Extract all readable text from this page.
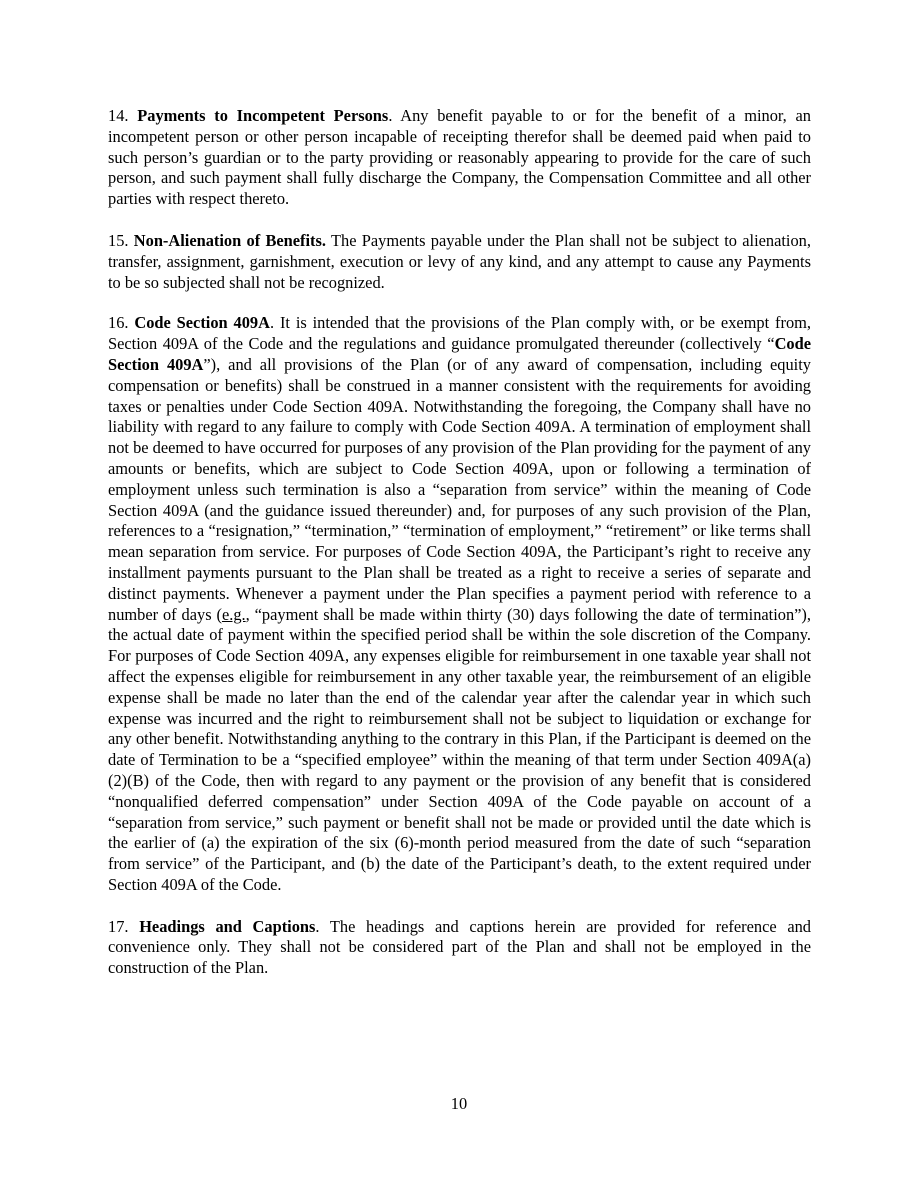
14. Payments to Incompetent Persons. Any benefit payable to or for the benefit of a minor, an incompetent person or other person incapable of receipting therefor shall be deemed paid when paid to such person’s guardian or to the party providing or reasonably appearing to provide for the care of such person, and such payment shall fully discharge the Company, the Compensation Committee and all other parties with respect thereto.

15. Non-Alienation of Benefits. The Payments payable under the Plan shall not be subject to alienation, transfer, assignment, garnishment, execution or levy of any kind, and any attempt to cause any Payments to be so subjected shall not be recognized.

16. Code Section 409A. It is intended that the provisions of the Plan comply with, or be exempt from, Section 409A of the Code and the regulations and guidance promulgated thereunder (collectively “Code Section 409A”), and all provisions of the Plan (or of any award of compensation, including equity compensation or benefits) shall be construed in a manner consistent with the requirements for avoiding taxes or penalties under Code Section 409A. Notwithstanding the foregoing, the Company shall have no liability with regard to any failure to comply with Code Section 409A. A termination of employment shall not be deemed to have occurred for purposes of any provision of the Plan providing for the payment of any amounts or benefits, which are subject to Code Section 409A, upon or following a termination of employment unless such termination is also a “separation from service” within the meaning of Code Section 409A (and the guidance issued thereunder) and, for purposes of any such provision of the Plan, references to a “resignation,” “termination,” “termination of employment,” “retirement” or like terms shall mean separation from service. For purposes of Code Section 409A, the Participant’s right to receive any installment payments pursuant to the Plan shall be treated as a right to receive a series of separate and distinct payments. Whenever a payment under the Plan specifies a payment period with reference to a number of days (e.g., “payment shall be made within thirty (30) days following the date of termination”), the actual date of payment within the specified period shall be within the sole discretion of the Company. For purposes of Code Section 409A, any expenses eligible for reimbursement in one taxable year shall not affect the expenses eligible for reimbursement in any other taxable year, the reimbursement of an eligible expense shall be made no later than the end of the calendar year after the calendar year in which such expense was incurred and the right to reimbursement shall not be subject to liquidation or exchange for any other benefit. Notwithstanding anything to the contrary in this Plan, if the Participant is deemed on the date of Termination to be a “specified employee” within the meaning of that term under Section 409A(a)(2)(B) of the Code, then with regard to any payment or the provision of any benefit that is considered “nonqualified deferred compensation” under Section 409A of the Code payable on account of a “separation from service,” such payment or benefit shall not be made or provided until the date which is the earlier of (a) the expiration of the six (6)-month period measured from the date of such “separation from service” of the Participant, and (b) the date of the Participant’s death, to the extent required under Section 409A of the Code.

17. Headings and Captions. The headings and captions herein are provided for reference and convenience only. They shall not be considered part of the Plan and shall not be employed in the construction of the Plan.

10
